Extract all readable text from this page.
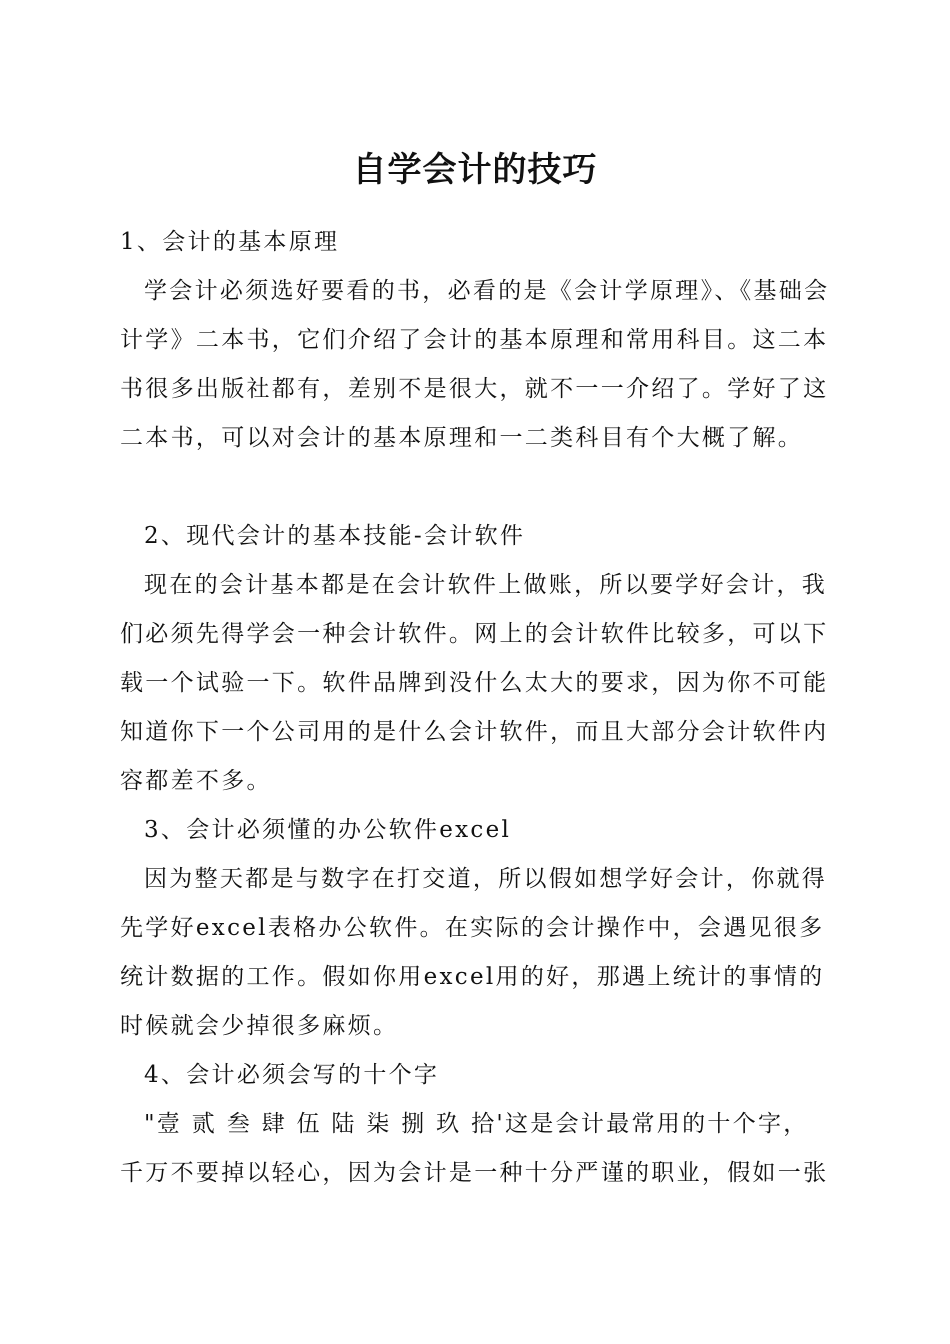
自学会计的技巧

1、会计的基本原理

学会计必须选好要看的书，必看的是《会计学原理》、《基础会计学》二本书，它们介绍了会计的基本原理和常用科目。这二本书很多出版社都有，差别不是很大，就不一一介绍了。学好了这二本书，可以对会计的基本原理和一二类科目有个大概了解。

2、现代会计的基本技能-会计软件

现在的会计基本都是在会计软件上做账，所以要学好会计，我们必须先得学会一种会计软件。网上的会计软件比较多，可以下载一个试验一下。软件品牌到没什么太大的要求，因为你不可能知道你下一个公司用的是什么会计软件，而且大部分会计软件内容都差不多。

3、会计必须懂的办公软件excel

因为整天都是与数字在打交道，所以假如想学好会计，你就得先学好excel表格办公软件。在实际的会计操作中，会遇见很多统计数据的工作。假如你用excel用的好，那遇上统计的事情的时候就会少掉很多麻烦。

4、会计必须会写的十个字

"壹 贰 叁 肆 伍 陆 柒 捌 玖 拾'这是会计最常用的十个字，千万不要掉以轻心，因为会计是一种十分严谨的职业，假如一张
